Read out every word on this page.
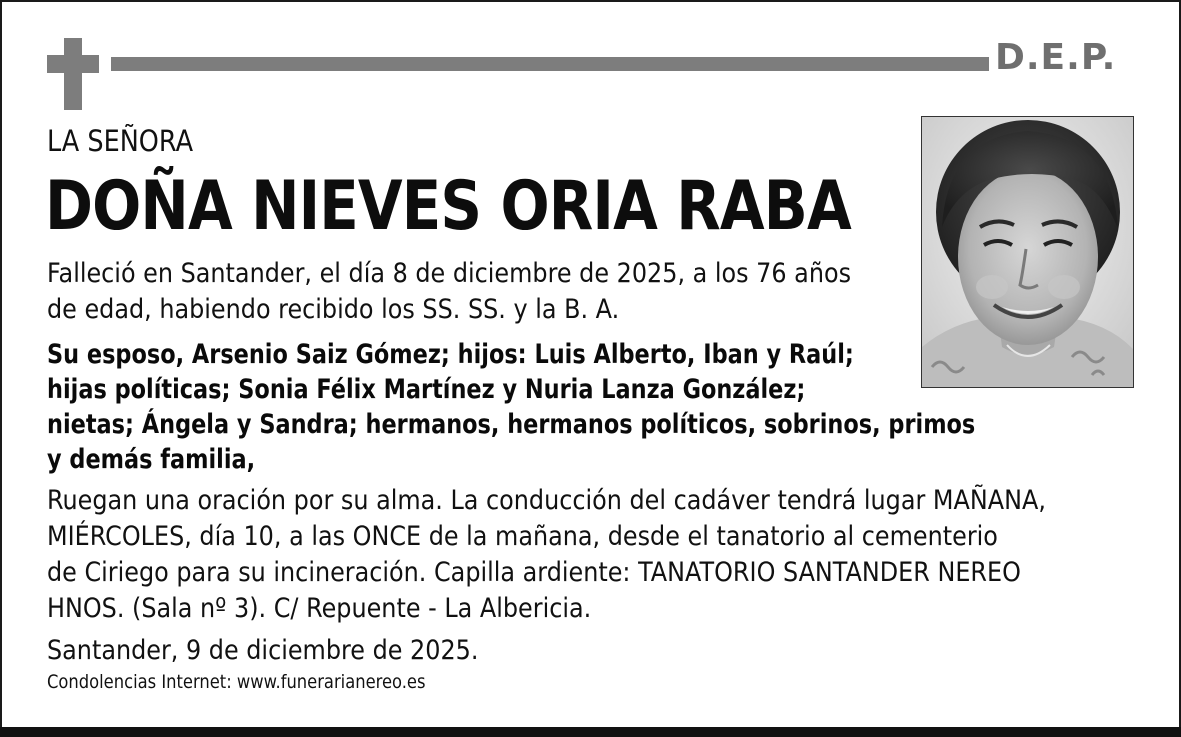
D.E.P.
LA SEÑORA
DOÑA NIEVES ORIA RABA
Falleció en Santander, el día 8 de diciembre de 2025, a los 76 años
de edad, habiendo recibido los SS. SS. y la B. A.
Su esposo, Arsenio Saiz Gómez; hijos: Luis Alberto, Iban y Raúl;
hijas políticas; Sonia Félix Martínez y Nuria Lanza González;
nietas; Ángela y Sandra; hermanos, hermanos políticos, sobrinos, primos
y demás familia,
Ruegan una oración por su alma. La conducción del cadáver tendrá lugar MAÑANA,
MIÉRCOLES, día 10, a las ONCE de la mañana, desde el tanatorio al cementerio
de Ciriego para su incineración. Capilla ardiente: TANATORIO SANTANDER NEREO
HNOS. (Sala nº 3). C/ Repuente - La Albericia.
Santander, 9 de diciembre de 2025.
Condolencias Internet: www.funerarianereo.es
